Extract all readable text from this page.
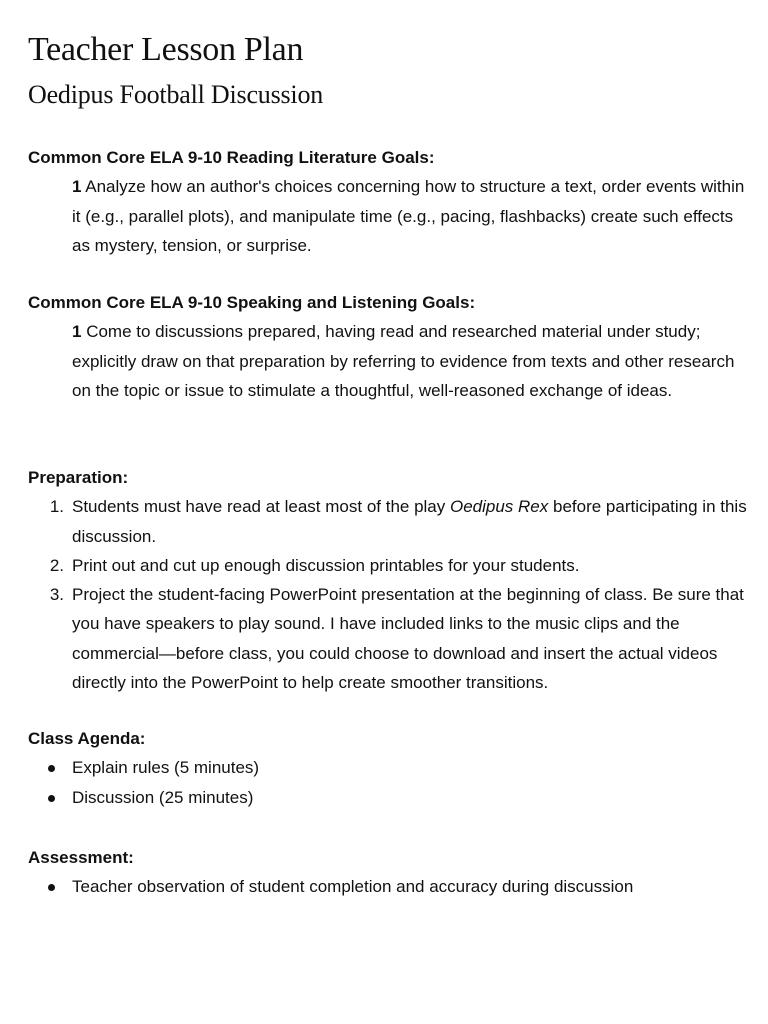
Teacher Lesson Plan
Oedipus Football Discussion

Common Core ELA 9-10 Reading Literature Goals:

1 Analyze how an author's choices concerning how to structure a text, order events within it (e.g., parallel plots), and manipulate time (e.g., pacing, flashbacks) create such effects as mystery, tension, or surprise.

Common Core ELA 9-10 Speaking and Listening Goals:

1 Come to discussions prepared, having read and researched material under study; explicitly draw on that preparation by referring to evidence from texts and other research on the topic or issue to stimulate a thoughtful, well-reasoned exchange of ideas.

Preparation:

1. Students must have read at least most of the play Oedipus Rex before participating in this discussion.
2. Print out and cut up enough discussion printables for your students.
3. Project the student-facing PowerPoint presentation at the beginning of class. Be sure that you have speakers to play sound. I have included links to the music clips and the commercial—before class, you could choose to download and insert the actual videos directly into the PowerPoint to help create smoother transitions.

Class Agenda:

Explain rules (5 minutes)
Discussion (25 minutes)

Assessment:

Teacher observation of student completion and accuracy during discussion
